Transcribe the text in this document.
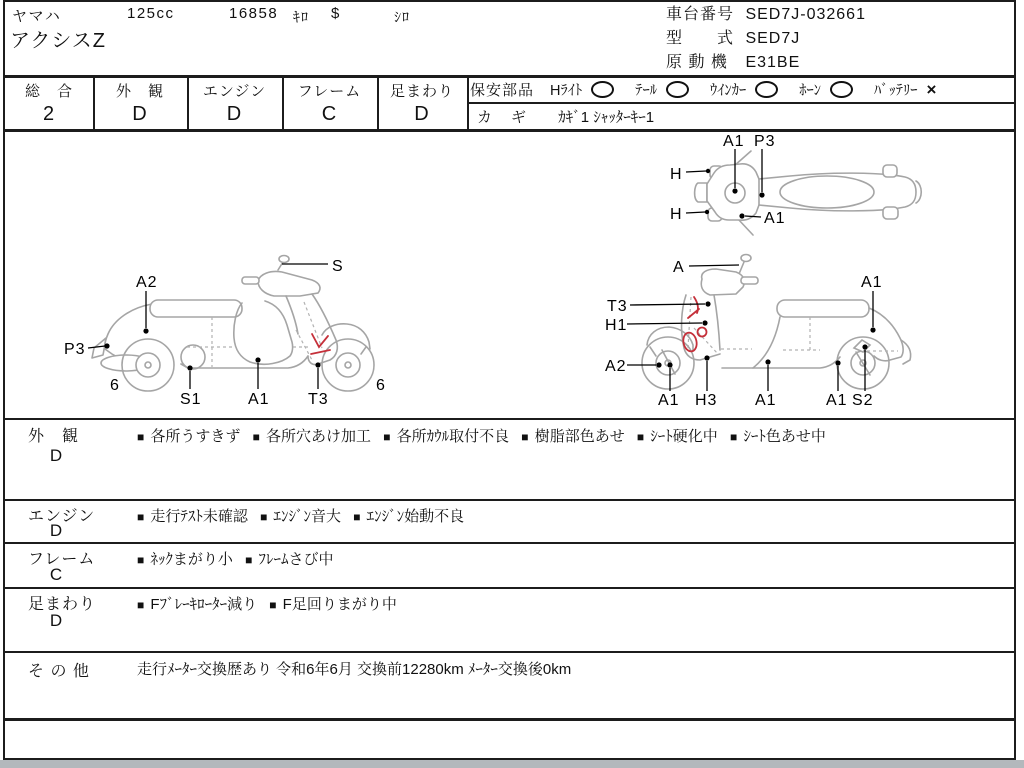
ヤマハ	125cc	16858 ｷﾛ $	ｼﾛ
アクシスZ
車台番号 SED7J-032661
型　　式 SED7J
原 動 機 E31BE
総　合
2
外　観
D
エンジン
D
フレーム
C
足まわり
D
保安部品 Hﾗｲﾄ	ﾃｰﾙ	ｳｲﾝｶｰ	ﾎｰﾝ	ﾊﾞｯﾃﾘｰ ×
カ　ギ ｶｷﾞ1 ｼｬｯﾀｰｷｰ1
A1 P3
H
H	A1
S
A2
P3
6
S1	A1 T3
6
A
A1
T3
H1
A2
A1 H3 A1	A1 S2
外　観
D
■ 各所うすきず ■ 各所穴あけ加工 ■ 各所ｶｳﾙ取付不良 ■ 樹脂部色あせ ■ ｼｰﾄ硬化中 ■ ｼｰﾄ色あせ中
エンジン
D
■ 走行ﾃｽﾄ未確認 ■ ｴﾝｼﾞﾝ音大 ■ ｴﾝｼﾞﾝ始動不良
フレーム
C
■ ﾈｯｸまがり小 ■ ﾌﾚｰﾑさび中
足まわり
D
■ Fﾌﾞﾚｰｷﾛｰﾀｰ減り ■ F足回りまがり中
そ の 他	走行ﾒｰﾀｰ交換歴あり 令和6年6月 交換前12280km ﾒｰﾀｰ交換後0km
